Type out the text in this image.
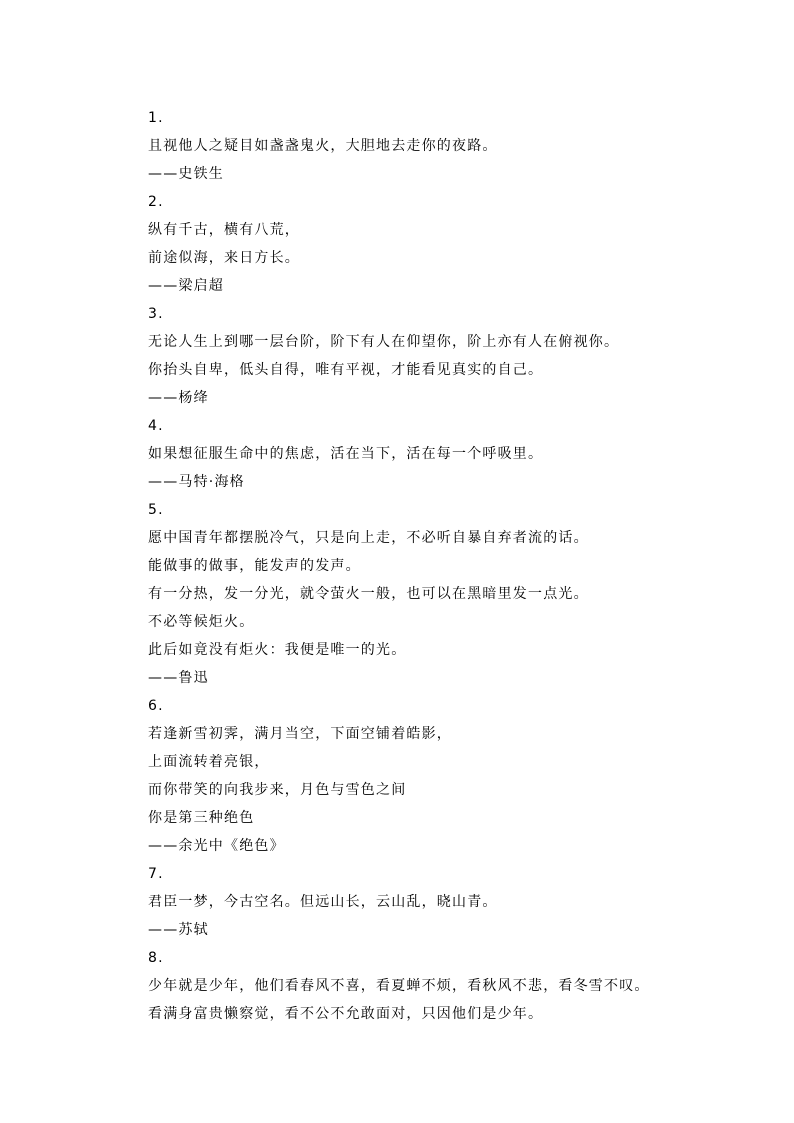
1.
且视他人之疑目如盏盏鬼火，大胆地去走你的夜路。
——史铁生
2.
纵有千古，横有八荒，
前途似海，来日方长。
——梁启超
3.
无论人生上到哪一层台阶，阶下有人在仰望你，阶上亦有人在俯视你。
你抬头自卑，低头自得，唯有平视，才能看见真实的自己。
——杨绛
4.
如果想征服生命中的焦虑，活在当下，活在每一个呼吸里。
——马特·海格
5.
愿中国青年都摆脱冷气，只是向上走，不必听自暴自弃者流的话。
能做事的做事，能发声的发声。
有一分热，发一分光，就令萤火一般，也可以在黑暗里发一点光。
不必等候炬火。
此后如竟没有炬火：我便是唯一的光。
——鲁迅
6.
若逢新雪初霁，满月当空，下面空铺着皓影，
上面流转着亮银，
而你带笑的向我步来，月色与雪色之间
你是第三种绝色
——余光中《绝色》
7.
君臣一梦，今古空名。但远山长，云山乱，晓山青。
——苏轼
8.
少年就是少年，他们看春风不喜，看夏蝉不烦，看秋风不悲，看冬雪不叹。
看满身富贵懒察觉，看不公不允敢面对，只因他们是少年。
